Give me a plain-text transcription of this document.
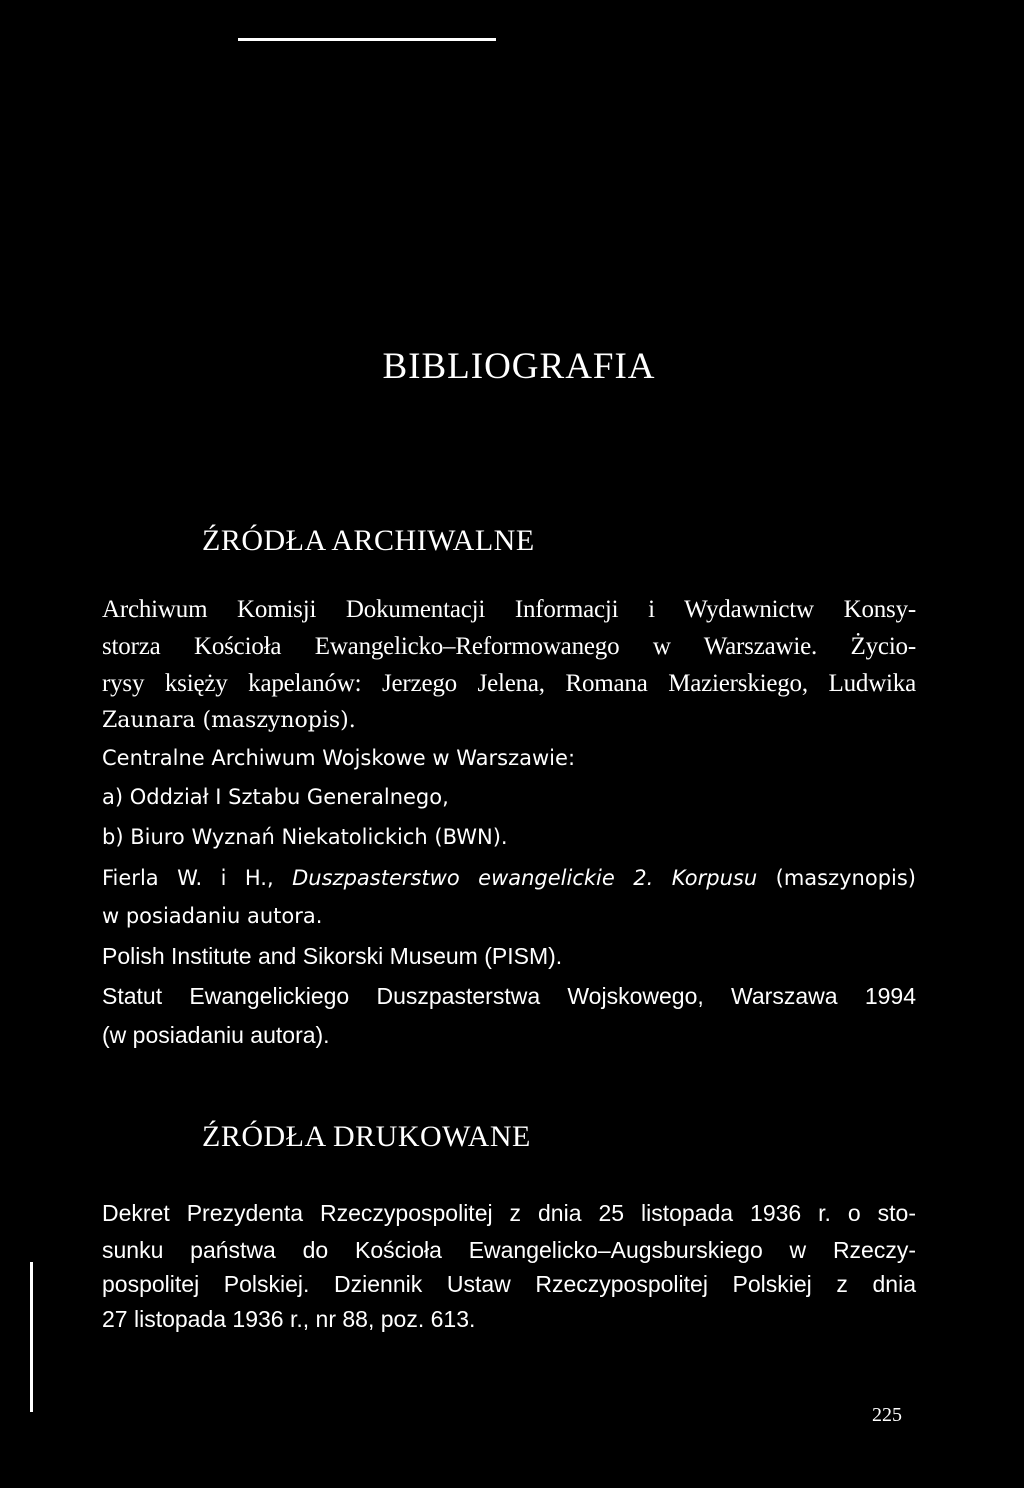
BIBLIOGRAFIA
ŹRÓDŁA ARCHIWALNE
Archiwum Komisji Dokumentacji Informacji i Wydawnictw Konsy-
storza Kościoła Ewangelicko–Reformowanego w Warszawie. Życio-
rysy księży kapelanów: Jerzego Jelena, Romana Mazierskiego, Ludwika
Zaunara (maszynopis).
Centralne Archiwum Wojskowe w Warszawie:
a) Oddział I Sztabu Generalnego,
b) Biuro Wyznań Niekatolickich (BWN).
Fierla W. i H., Duszpasterstwo ewangelickie 2. Korpusu (maszynopis)
w posiadaniu autora.
Polish Institute and Sikorski Museum (PISM).
Statut Ewangelickiego Duszpasterstwa Wojskowego, Warszawa 1994
(w posiadaniu autora).
ŹRÓDŁA DRUKOWANE
Dekret Prezydenta Rzeczypospolitej z dnia 25 listopada 1936 r. o sto-
sunku państwa do Kościoła Ewangelicko–Augsburskiego w Rzeczy-
pospolitej Polskiej. Dziennik Ustaw Rzeczypospolitej Polskiej z dnia
27 listopada 1936 r., nr 88, poz. 613.
225
